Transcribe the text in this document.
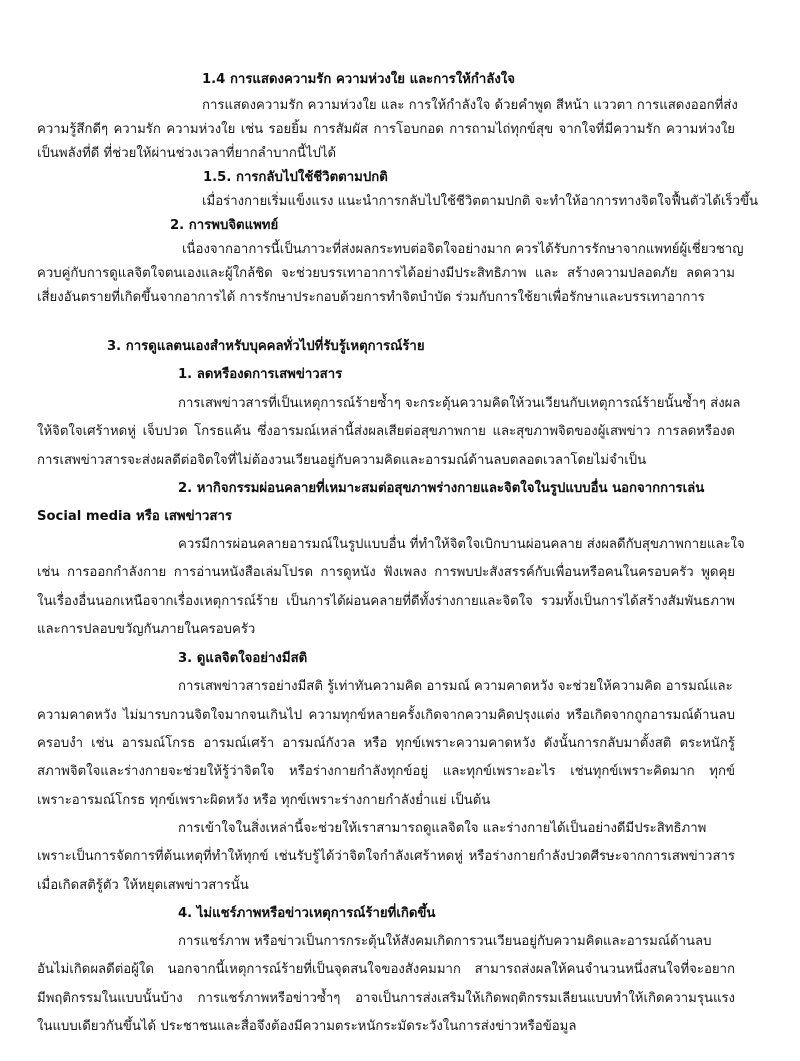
1.4 การแสดงความรัก ความห่วงใย และการให้กำลังใจ
การแสดงความรัก ความห่วงใย และ การให้กำลังใจ ด้วยคำพูด สีหน้า แววตา การแสดงออกที่ส่ง
ความรู้สึกดีๆ ความรัก ความห่วงใย เช่น รอยยิ้ม การสัมผัส การโอบกอด การถามไถ่ทุกข์สุข จากใจที่มีความรัก ความห่วงใย
เป็นพลังที่ดี ที่ช่วยให้ผ่านช่วงเวลาที่ยากลำบากนี้ไปได้
1.5. การกลับไปใช้ชีวิตตามปกติ
เมื่อร่างกายเริ่มแข็งแรง แนะนำการกลับไปใช้ชีวิตตามปกติ จะทำให้อาการทางจิตใจฟื้นตัวได้เร็วขึ้น
2. การพบจิตแพทย์
เนื่องจากอาการนี้เป็นภาวะที่ส่งผลกระทบต่อจิตใจอย่างมาก ควรได้รับการรักษาจากแพทย์ผู้เชี่ยวชาญ
ควบคู่กับการดูแลจิตใจตนเองและผู้ใกล้ชิด จะช่วยบรรเทาอาการได้อย่างมีประสิทธิภาพ และ สร้างความปลอดภัย ลดความ
เสี่ยงอันตรายที่เกิดขึ้นจากอาการได้ การรักษาประกอบด้วยการทำจิตบำบัด ร่วมกับการใช้ยาเพื่อรักษาและบรรเทาอาการ
3. การดูแลตนเองสำหรับบุคคลทั่วไปที่รับรู้เหตุการณ์ร้าย
1. ลดหรืองดการเสพข่าวสาร
การเสพข่าวสารที่เป็นเหตุการณ์ร้ายซ้ำๆ จะกระตุ้นความคิดให้วนเวียนกับเหตุการณ์ร้ายนั้นซ้ำๆ ส่งผล
ให้จิตใจเศร้าหดหู่ เจ็บปวด โกรธแค้น ซึ่งอารมณ์เหล่านี้ส่งผลเสียต่อสุขภาพกาย และสุขภาพจิตของผู้เสพข่าว การลดหรืองด
การเสพข่าวสารจะส่งผลดีต่อจิตใจที่ไม่ต้องวนเวียนอยู่กับความคิดและอารมณ์ด้านลบตลอดเวลาโดยไม่จำเป็น
2. หากิจกรรมผ่อนคลายที่เหมาะสมต่อสุขภาพร่างกายและจิตใจในรูปแบบอื่น นอกจากการเล่น
Social media หรือ เสพข่าวสาร
ควรมีการผ่อนคลายอารมณ์ในรูปแบบอื่น ที่ทำให้จิตใจเบิกบานผ่อนคลาย ส่งผลดีกับสุขภาพกายและใจ
เช่น การออกกำลังกาย การอ่านหนังสือเล่มโปรด การดูหนัง ฟังเพลง การพบปะสังสรรค์กับเพื่อนหรือคนในครอบครัว พูดคุย
ในเรื่องอื่นนอกเหนือจากเรื่องเหตุการณ์ร้าย เป็นการได้ผ่อนคลายที่ดีทั้งร่างกายและจิตใจ รวมทั้งเป็นการได้สร้างสัมพันธภาพ
และการปลอบขวัญกันภายในครอบครัว
3. ดูแลจิตใจอย่างมีสติ
การเสพข่าวสารอย่างมีสติ รู้เท่าทันความคิด อารมณ์ ความคาดหวัง จะช่วยให้ความคิด อารมณ์และ
ความคาดหวัง ไม่มารบกวนจิตใจมากจนเกินไป ความทุกข์หลายครั้งเกิดจากความคิดปรุงแต่ง หรือเกิดจากถูกอารมณ์ด้านลบ
ครอบงำ เช่น อารมณ์โกรธ อารมณ์เศร้า อารมณ์กังวล หรือ ทุกข์เพราะความคาดหวัง ดังนั้นการกลับมาตั้งสติ ตระหนักรู้
สภาพจิตใจและร่างกายจะช่วยให้รู้ว่าจิตใจ หรือร่างกายกำลังทุกข์อยู่ และทุกข์เพราะอะไร เช่นทุกข์เพราะคิดมาก ทุกข์
เพราะอารมณ์โกรธ ทุกข์เพราะผิดหวัง หรือ ทุกข์เพราะร่างกายกำลังย่ำแย่ เป็นต้น
การเข้าใจในสิ่งเหล่านี้จะช่วยให้เราสามารถดูแลจิตใจ และร่างกายได้เป็นอย่างดีมีประสิทธิภาพ
เพราะเป็นการจัดการที่ต้นเหตุที่ทำให้ทุกข์ เช่นรับรู้ได้ว่าจิตใจกำลังเศร้าหดหู่ หรือร่างกายกำลังปวดศีรษะจากการเสพข่าวสาร
เมื่อเกิดสติรู้ตัว ให้หยุดเสพข่าวสารนั้น
4. ไม่แชร์ภาพหรือข่าวเหตุการณ์ร้ายที่เกิดขึ้น
การแชร์ภาพ หรือข่าวเป็นการกระตุ้นให้สังคมเกิดการวนเวียนอยู่กับความคิดและอารมณ์ด้านลบ
อันไม่เกิดผลดีต่อผู้ใด นอกจากนี้เหตุการณ์ร้ายที่เป็นจุดสนใจของสังคมมาก สามารถส่งผลให้คนจำนวนหนึ่งสนใจที่จะอยาก
มีพฤติกรรมในแบบนั้นบ้าง การแชร์ภาพหรือข่าวซ้ำๆ อาจเป็นการส่งเสริมให้เกิดพฤติกรรมเลียนแบบทำให้เกิดความรุนแรง
ในแบบเดียวกันขึ้นได้ ประชาชนและสื่อจึงต้องมีความตระหนักระมัดระวังในการส่งข่าวหรือข้อมูล
